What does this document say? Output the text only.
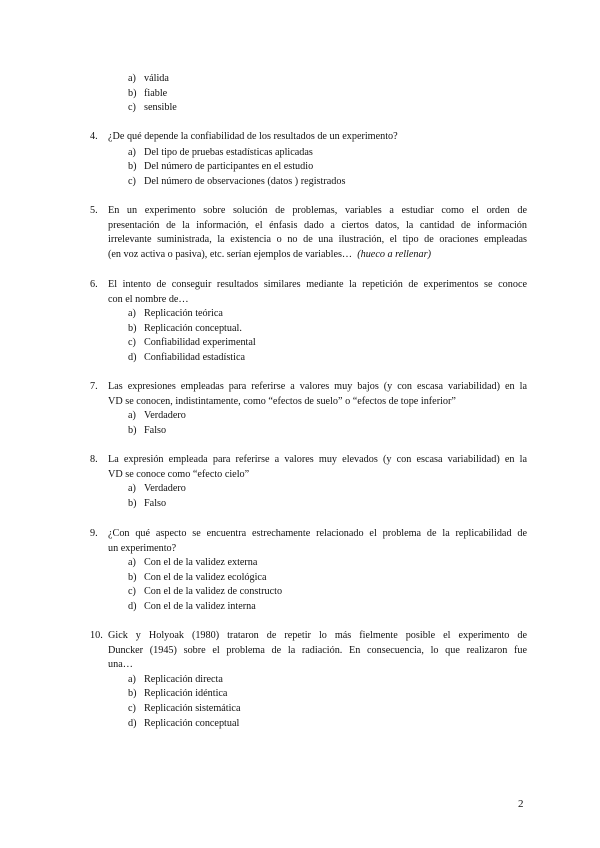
a) válida
b) fiable
c) sensible
4.	¿De qué depende la confiabilidad de los resultados de un experimento?
a) Del tipo de pruebas estadísticas aplicadas
b) Del número de participantes en el estudio
c) Del número de observaciones (datos ) registrados
5.	En un experimento sobre solución de problemas, variables a estudiar como el orden de
presentación de la información, el énfasis dado a ciertos datos, la cantidad de información
irrelevante suministrada, la existencia o no de una ilustración, el tipo de oraciones empleadas
(en voz activa o pasiva), etc. serían ejemplos de variables… (hueco a rellenar)
6.	El intento de conseguir resultados similares mediante la repetición de experimentos se conoce
con el nombre de…
a) Replicación teórica
b) Replicación conceptual.
c) Confiabilidad experimental
d) Confiabilidad estadística
7.	Las expresiones empleadas para referirse a valores muy bajos (y con escasa variabilidad) en la
VD se conocen, indistintamente, como “efectos de suelo” o “efectos de tope inferior”
a) Verdadero
b) Falso
8.	La expresión empleada para referirse a valores muy elevados (y con escasa variabilidad) en la
VD se conoce como “efecto cielo”
a) Verdadero
b) Falso
9.	¿Con qué aspecto se encuentra estrechamente relacionado el problema de la replicabilidad de
un experimento?
a) Con el de la validez externa
b) Con el de la validez ecológica
c) Con el de la validez de constructo
d) Con el de la validez interna
10. Gick y Holyoak (1980) trataron de repetir lo más fielmente posible el experimento de
Duncker (1945) sobre el problema de la radiación. En consecuencia, lo que realizaron fue
una…
a) Replicación directa
b) Replicación idéntica
c) Replicación sistemática
d) Replicación conceptual
2
